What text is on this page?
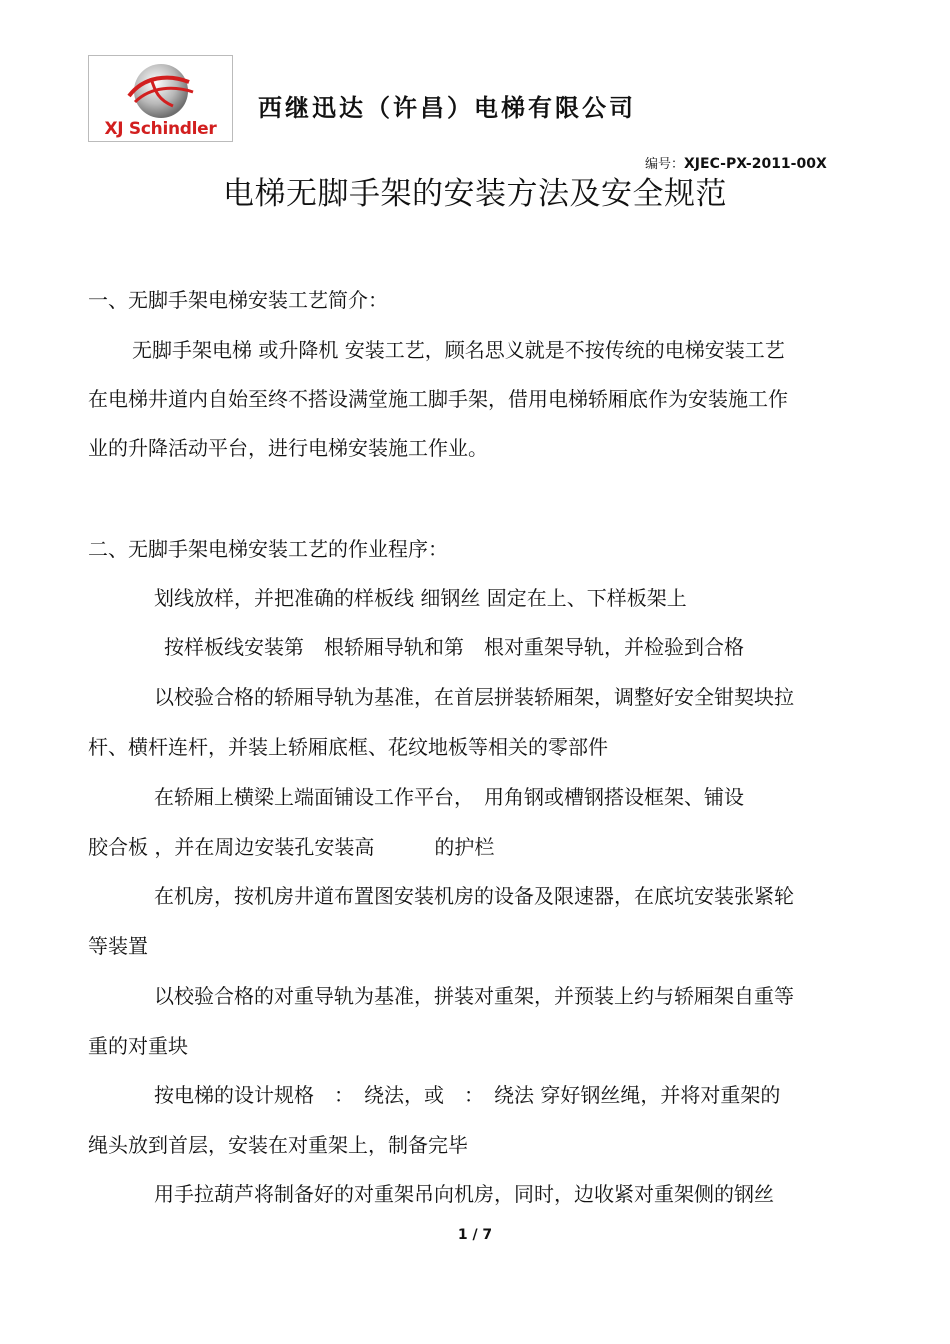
XJ Schindler
西继迅达（许昌）电梯有限公司
编号：XJEC-PX-2011-00X
电梯无脚手架的安装方法及安全规范
一、无脚手架电梯安装工艺简介：
无脚手架电梯 或升降机 安装工艺，顾名思义就是不按传统的电梯安装工艺
在电梯井道内自始至终不搭设满堂施工脚手架，借用电梯轿厢底作为安装施工作
业的升降活动平台，进行电梯安装施工作业。
二、无脚手架电梯安装工艺的作业程序：
划线放样，并把准确的样板线 细钢丝 固定在上、下样板架上
按样板线安装第　根轿厢导轨和第　根对重架导轨，并检验到合格
以校验合格的轿厢导轨为基准，在首层拼装轿厢架，调整好安全钳契块拉
杆、横杆连杆，并装上轿厢底框、花纹地板等相关的零部件
在轿厢上横梁上端面铺设工作平台，　用角钢或槽钢搭设框架、铺设
胶合板 ，并在周边安装孔安装高　　　的护栏
在机房，按机房井道布置图安装机房的设备及限速器，在底坑安装张紧轮
等装置
以校验合格的对重导轨为基准，拼装对重架，并预装上约与轿厢架自重等
重的对重块
按电梯的设计规格　：　绕法，或　：　绕法 穿好钢丝绳，并将对重架的
绳头放到首层，安装在对重架上，制备完毕
用手拉葫芦将制备好的对重架吊向机房，同时，边收紧对重架侧的钢丝
1 / 7
